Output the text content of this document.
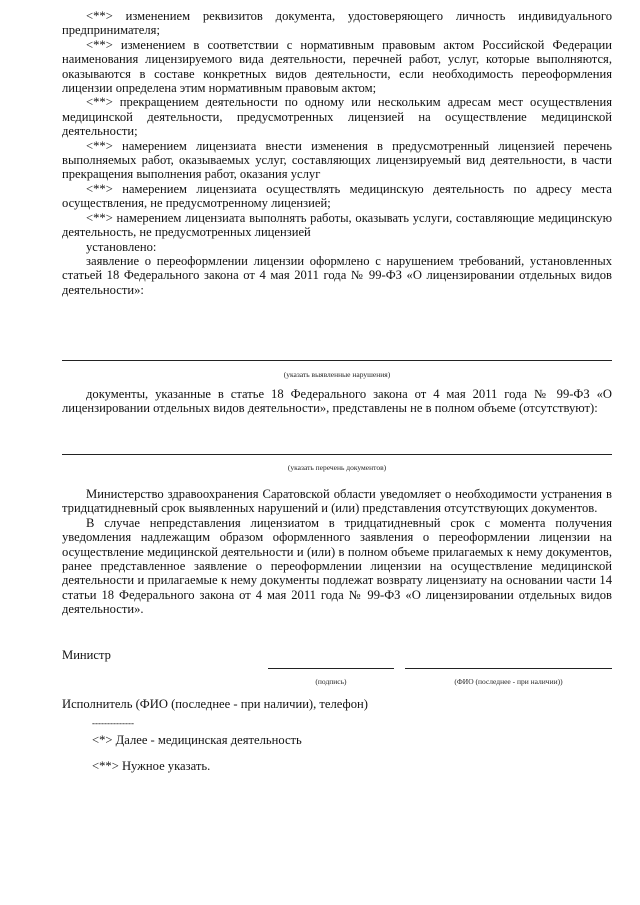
<**> изменением реквизитов документа, удостоверяющего личность индивидуального предпринимателя;

<**> изменением в соответствии с нормативным правовым актом Российской Федерации наименования лицензируемого вида деятельности, перечней работ, услуг, которые выполняются, оказываются в составе конкретных видов деятельности, если необходимость переоформления лицензии определена этим нормативным правовым актом;

<**> прекращением деятельности по одному или нескольким адресам мест осуществления медицинской деятельности, предусмотренных лицензией на осуществление медицинской деятельности;

<**> намерением лицензиата внести изменения в предусмотренный лицензией перечень выполняемых работ, оказываемых услуг, составляющих лицензируемый вид деятельности, в части прекращения выполнения работ, оказания услуг

<**> намерением лицензиата осуществлять медицинскую деятельность по адресу места осуществления, не предусмотренному лицензией;

<**> намерением лицензиата выполнять работы, оказывать услуги, составляющие медицинскую деятельность, не предусмотренных лицензией

установлено:

заявление о переоформлении лицензии оформлено с нарушением требований, установленных статьей 18 Федерального закона от 4 мая 2011 года № 99-ФЗ «О лицензировании отдельных видов деятельности»:

(указать выявленные нарушения)

документы, указанные в статье 18 Федерального закона от 4 мая 2011 года № 99-ФЗ «О лицензировании отдельных видов деятельности», представлены не в полном объеме (отсутствуют):

(указать перечень документов)

Министерство здравоохранения Саратовской области уведомляет о необходимости устранения в тридцатидневный срок выявленных нарушений и (или) представления отсутствующих документов.

В случае непредставления лицензиатом в тридцатидневный срок с момента получения уведомления надлежащим образом оформленного заявления о переоформлении лицензии на осуществление медицинской деятельности и (или) в полном объеме прилагаемых к нему документов, ранее представленное заявление о переоформлении лицензии на осуществление медицинской деятельности и прилагаемые к нему документы подлежат возврату лицензиату на основании части 14 статьи 18 Федерального закона от 4 мая 2011 года № 99-ФЗ «О лицензировании отдельных видов деятельности».

Министр

(подпись)	(ФИО (последнее - при наличии))

Исполнитель (ФИО (последнее - при наличии), телефон)

--------------

<*> Далее - медицинская деятельность

<**> Нужное указать.
